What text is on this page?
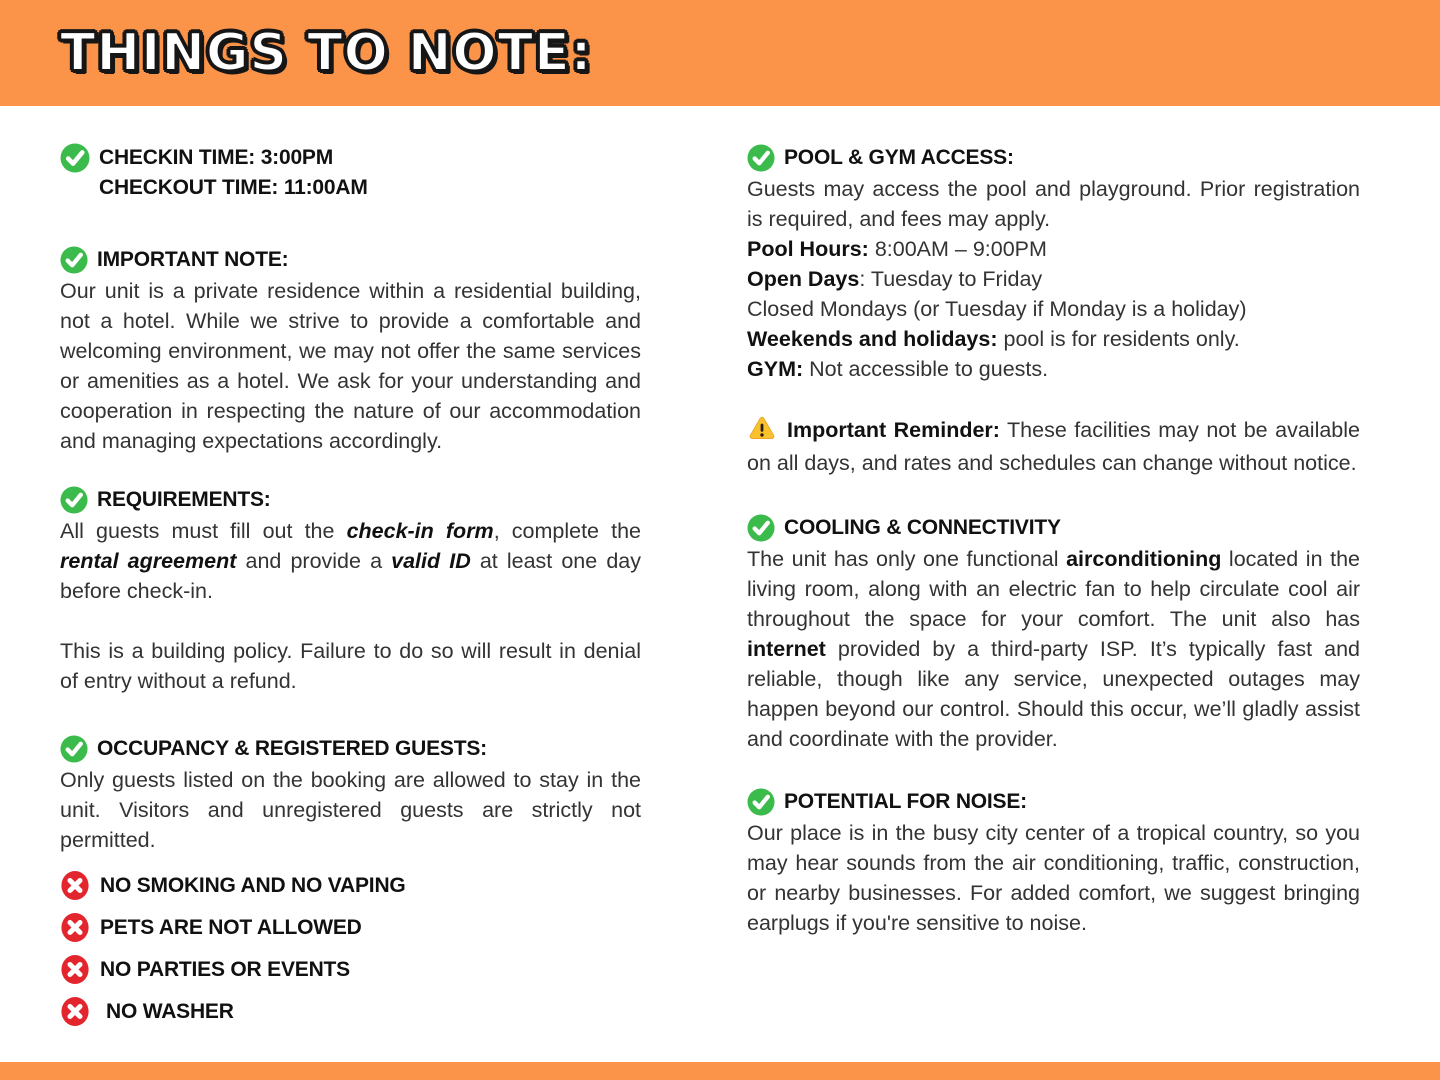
THINGS TO NOTE:
CHECKIN TIME: 3:00PM
CHECKOUT TIME: 11:00AM
IMPORTANT NOTE:

Our unit is a private residence within a residential building, not a hotel. While we strive to provide a comfortable and welcoming environment, we may not offer the same services or amenities as a hotel. We ask for your understanding and cooperation in respecting the nature of our accommodation and managing expectations accordingly.

REQUIREMENTS:

All guests must fill out the check-in form, complete the rental agreement and provide a valid ID at least one day before check-in.

This is a building policy. Failure to do so will result in denial of entry without a refund.

OCCUPANCY & REGISTERED GUESTS:

Only guests listed on the booking are allowed to stay in the unit. Visitors and unregistered guests are strictly not permitted.

NO SMOKING AND NO VAPING
PETS ARE NOT ALLOWED
NO PARTIES OR EVENTS
NO WASHER
POOL & GYM ACCESS:

Guests may access the pool and playground. Prior registration is required, and fees may apply.

Pool Hours: 8:00AM – 9:00PM
Open Days: Tuesday to Friday
Closed Mondays (or Tuesday if Monday is a holiday)
Weekends and holidays: pool is for residents only.
GYM: Not accessible to guests.

Important Reminder: These facilities may not be available on all days, and rates and schedules can change without notice.

COOLING & CONNECTIVITY

The unit has only one functional airconditioning located in the living room, along with an electric fan to help circulate cool air throughout the space for your comfort. The unit also has internet provided by a third-party ISP. It’s typically fast and reliable, though like any service, unexpected outages may happen beyond our control. Should this occur, we’ll gladly assist and coordinate with the provider.

POTENTIAL FOR NOISE:

Our place is in the busy city center of a tropical country, so you may hear sounds from the air conditioning, traffic, construction, or nearby businesses. For added comfort, we suggest bringing earplugs if you're sensitive to noise.
